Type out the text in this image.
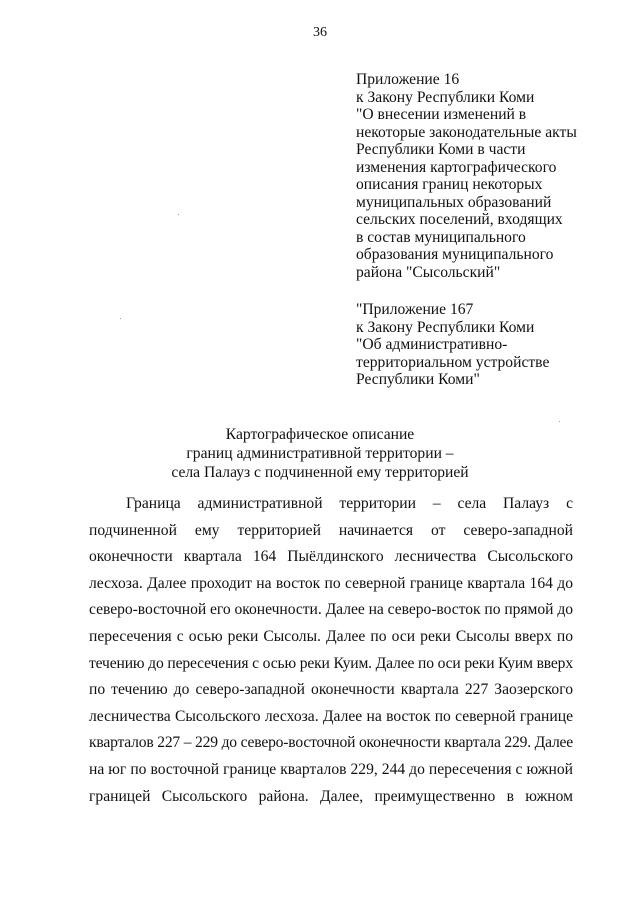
36
Приложение 16
к Закону Республики Коми
"О внесении изменений в
некоторые законодательные акты
Республики Коми в части
изменения картографического
описания границ некоторых
муниципальных образований
сельских поселений, входящих
в состав муниципального
образования муниципального
района "Сысольский"
"Приложение 167
к Закону Республики Коми
"Об административно-
территориальном устройстве
Республики Коми"
Картографическое описание
границ административной территории –
села Палауз с подчиненной ему территорией
Граница административной территории – села Палауз с
подчиненной ему территорией начинается от северо-западной
оконечности квартала 164 Пыёлдинского лесничества Сысольского
лесхоза. Далее проходит на восток по северной границе квартала 164 до
северо-восточной его оконечности. Далее на северо-восток по прямой до
пересечения с осью реки Сысолы. Далее по оси реки Сысолы вверх по
течению до пересечения с осью реки Куим. Далее по оси реки Куим вверх
по течению до северо-западной оконечности квартала 227 Заозерского
лесничества Сысольского лесхоза. Далее на восток по северной границе
кварталов 227 – 229 до северо-восточной оконечности квартала 229. Далее
на юг по восточной границе кварталов 229, 244 до пересечения с южной
границей Сысольского района. Далее, преимущественно в южном
